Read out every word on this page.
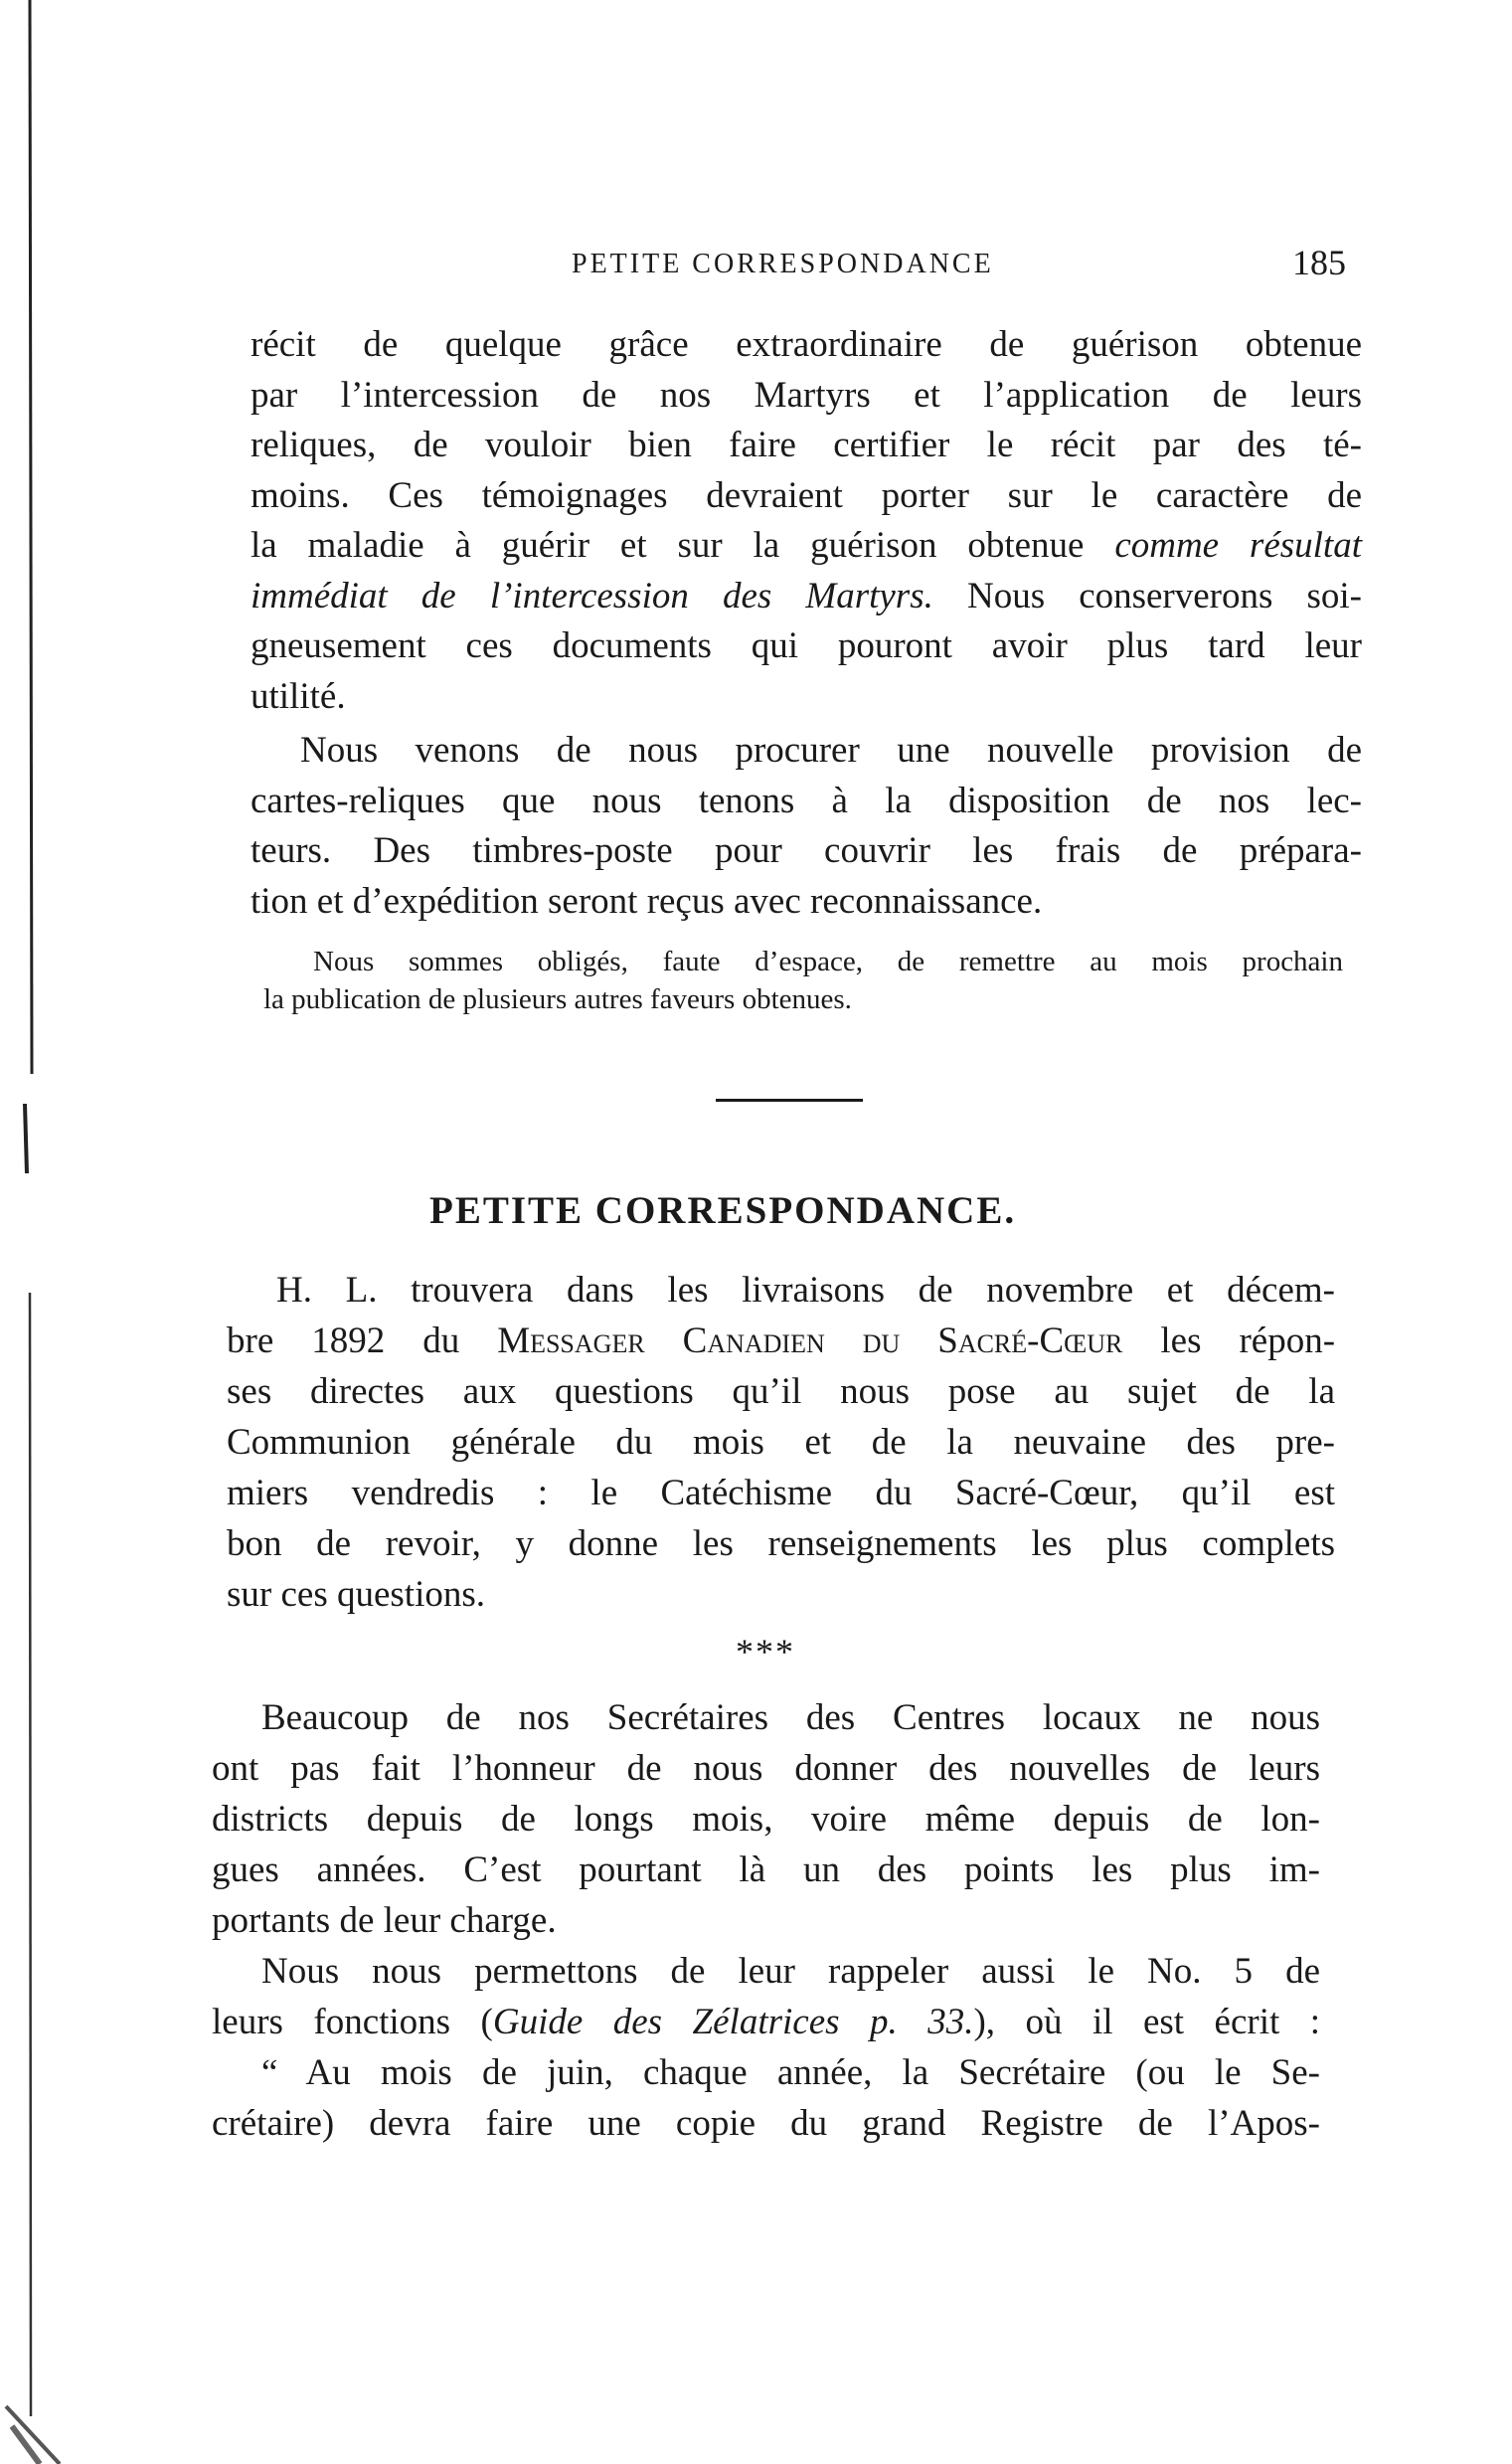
PETITE CORRESPONDANCE	185
récit de quelque grâce extraordinaire de guérison obtenue
par l’intercession de nos Martyrs et l’application de leurs
reliques, de vouloir bien faire certifier le récit par des té-
moins. Ces témoignages devraient porter sur le caractère de
la maladie à guérir et sur la guérison obtenue comme résultat
immédiat de l’intercession des Martyrs. Nous conserverons soi-
gneusement ces documents qui pouront avoir plus tard leur
utilité.
Nous venons de nous procurer une nouvelle provision de
cartes-reliques que nous tenons à la disposition de nos lec-
teurs. Des timbres-poste pour couvrir les frais de prépara-
tion et d’expédition seront reçus avec reconnaissance.
Nous sommes obligés, faute d’espace, de remettre au mois prochain
la publication de plusieurs autres faveurs obtenues.
PETITE CORRESPONDANCE.
H. L. trouvera dans les livraisons de novembre et décem-
bre 1892 du Messager Canadien du Sacré-Cœur les répon-
ses directes aux questions qu’il nous pose au sujet de la
Communion générale du mois et de la neuvaine des pre-
miers vendredis : le Catéchisme du Sacré-Cœur, qu’il est
bon de revoir, y donne les renseignements les plus complets
sur ces questions.
***
Beaucoup de nos Secrétaires des Centres locaux ne nous
ont pas fait l’honneur de nous donner des nouvelles de leurs
districts depuis de longs mois, voire même depuis de lon-
gues années. C’est pourtant là un des points les plus im-
portants de leur charge.
Nous nous permettons de leur rappeler aussi le No. 5 de
leurs fonctions (Guide des Zélatrices p. 33.), où il est écrit :
“ Au mois de juin, chaque année, la Secrétaire (ou le Se-
crétaire) devra faire une copie du grand Registre de l’Apos-
